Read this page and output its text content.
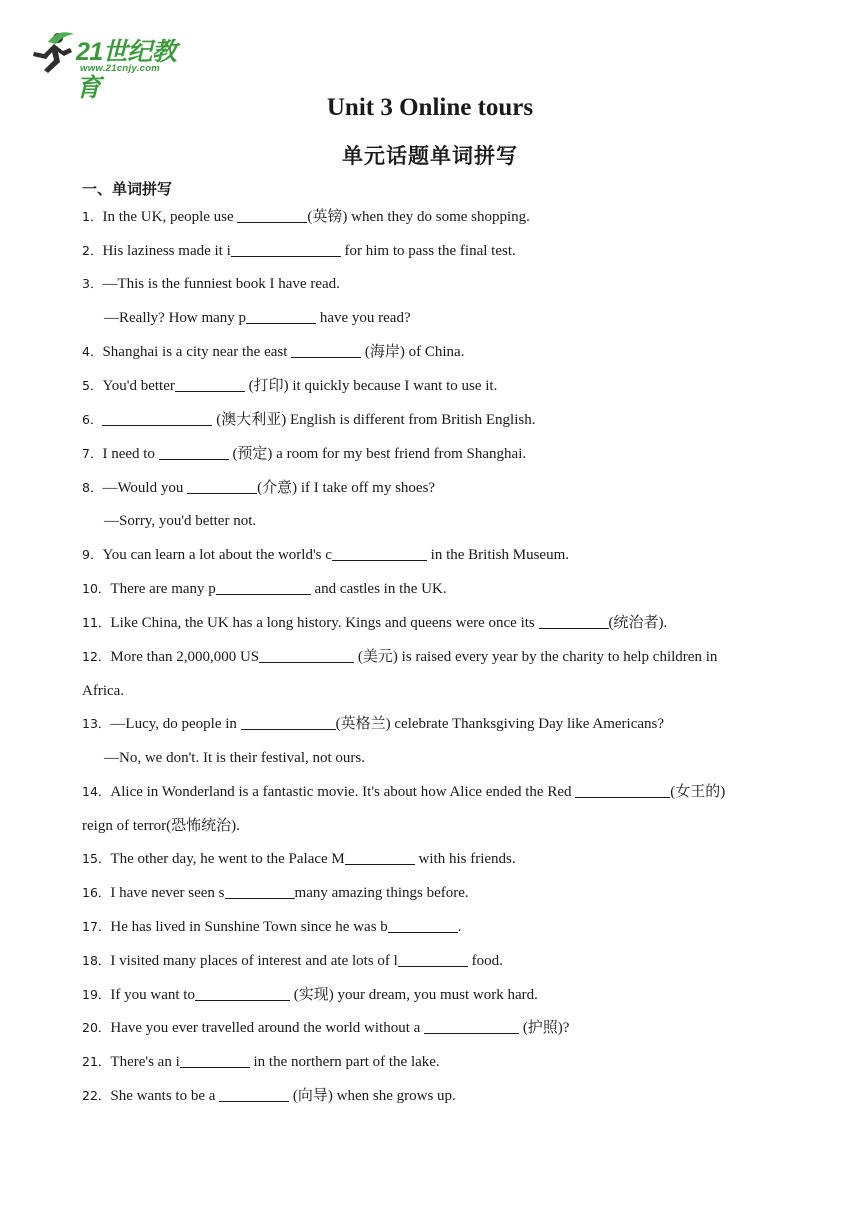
21世纪教育
www.21cnjy.com
Unit 3 Online tours
单元话题单词拼写
一、单词拼写
1．In the UK, people use	(英镑) when they do some shopping.
2．His laziness made it i	for him to pass the final test.
3．—This is the funniest book I have read.
—Really? How many p	have you read?
4．Shanghai is a city near the east	(海岸) of China.
5．You'd better	(打印) it quickly because I want to use it.
6．	(澳大利亚) English is different from British English.
7．I need to	(预定) a room for my best friend from Shanghai.
8．—Would you	(介意) if I take off my shoes?
—Sorry, you'd better not.
9．You can learn a lot about the world's c	in the British Museum.
10．There are many p	and castles in the UK.
11．Like China, the UK has a long history. Kings and queens were once its	(统治者).
12．More than 2,000,000 US	(美元) is raised every year by the charity to help children in
Africa.
13．—Lucy, do people in	(英格兰) celebrate Thanksgiving Day like Americans?
—No, we don't. It is their festival, not ours.
14．Alice in Wonderland is a fantastic movie. It's about how Alice ended the Red	(女王的)
reign of terror(恐怖统治).
15．The other day, he went to the Palace M	with his friends.
16．I have never seen s	many amazing things before.
17．He has lived in Sunshine Town since he was b	.
18．I visited many places of interest and ate lots of l	food.
19．If you want to	(实现) your dream, you must work hard.
20．Have you ever travelled around the world without a	(护照)?
21．There's an i	in the northern part of the lake.
22．She wants to be a	(向导) when she grows up.
